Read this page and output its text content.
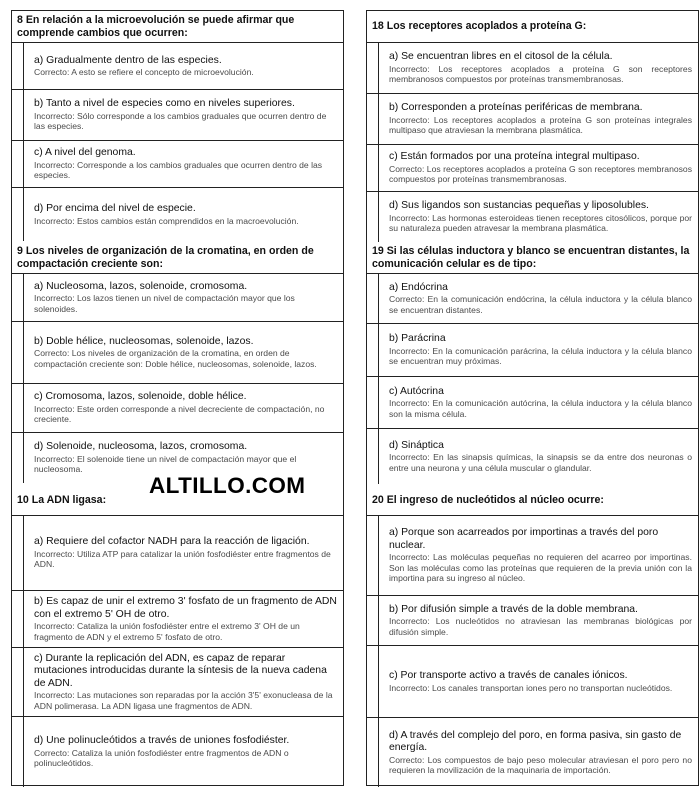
8 En relación a la microevolución se puede afirmar que comprende cambios que ocurren:
a) Gradualmente dentro de las especies.
Correcto: A esto se refiere el concepto de microevolución.
b) Tanto a nivel de especies como en niveles superiores.
Incorrecto: Sólo corresponde a los cambios graduales que ocurren dentro de las especies.
c) A nivel del genoma.
Incorrecto: Corresponde a los cambios graduales que ocurren dentro de las especies.
d) Por encima del nivel de especie.
Incorrecto: Estos cambios están comprendidos en la macroevolución.
9 Los niveles de organización de la cromatina, en orden de compactación creciente son:
a) Nucleosoma, lazos, solenoide, cromosoma.
Incorrecto: Los lazos tienen un nivel de compactación mayor que los solenoides.
b) Doble hélice, nucleosomas, solenoide, lazos.
Correcto: Los niveles de organización de la cromatina, en orden de compactación creciente son: Doble hélice, nucleosomas, solenoide, lazos.
c) Cromosoma, lazos, solenoide, doble hélice.
Incorrecto: Este orden corresponde a nivel decreciente de compactación, no creciente.
d) Solenoide, nucleosoma, lazos, cromosoma.
Incorrecto: El solenoide tiene un nivel de compactación mayor que el nucleosoma.
10 La ADN ligasa:
a) Requiere del cofactor NADH para la reacción de ligación.
Incorrecto: Utiliza ATP para catalizar la unión fosfodiéster entre fragmentos de ADN.
b) Es capaz de unir el extremo 3' fosfato de un fragmento de ADN con el extremo 5' OH de otro.
Incorrecto: Cataliza la unión fosfodiéster entre el extremo 3' OH de un fragmento de ADN y el extremo 5' fosfato de otro.
c) Durante la replicación del ADN, es capaz de reparar mutaciones introducidas durante la síntesis de la nueva cadena de ADN.
Incorrecto: Las mutaciones son reparadas por la acción 3'5' exonucleasa de la ADN polimerasa. La ADN ligasa une fragmentos de ADN.
d) Une polinucleótidos a través de uniones fosfodiéster.
Correcto: Cataliza la unión fosfodiéster entre fragmentos de ADN o polinucleótidos.
18 Los receptores acoplados a proteína G:
a) Se encuentran libres en el citosol de la célula.
Incorrecto: Los receptores acoplados a proteína G son receptores membranosos compuestos por proteínas transmembranosas.
b) Corresponden a proteínas periféricas de membrana.
Incorrecto: Los receptores acoplados a proteína G son proteínas integrales multipaso que atraviesan la membrana plasmática.
c) Están formados por una proteína integral multipaso.
Correcto: Los receptores acoplados a proteína G son receptores membranosos compuestos por proteínas transmembranosas.
d) Sus ligandos son sustancias pequeñas y liposolubles.
Incorrecto: Las hormonas esteroideas tienen receptores citosólicos, porque por su naturaleza pueden atravesar la membrana plasmática.
19 Si las células inductora y blanco se encuentran distantes, la comunicación celular es de tipo:
a) Endócrina
Correcto: En la comunicación endócrina, la célula inductora y la célula blanco se encuentran distantes.
b) Parácrina
Incorrecto: En la comunicación parácrina, la célula inductora y la célula blanco se encuentran muy próximas.
c) Autócrina
Incorrecto: En la comunicación autócrina, la célula inductora y la célula blanco son la misma célula.
d) Sináptica
Incorrecto: En las sinapsis químicas, la sinapsis se da entre dos neuronas o entre una neurona y una célula muscular o glandular.
20 El ingreso de nucleótidos al núcleo ocurre:
a) Porque son acarreados por importinas a través del poro nuclear.
Incorrecto: Las moléculas pequeñas no requieren del acarreo por importinas. Son las moléculas como las proteínas que requieren de la previa unión con la importina para su ingreso al núcleo.
b) Por difusión simple a través de la doble membrana.
Incorrecto: Los nucleótidos no atraviesan las membranas biológicas por difusión simple.
c) Por transporte activo a través de canales iónicos.
Incorrecto: Los canales transportan iones pero no transportan nucleótidos.
d) A través del complejo del poro, en forma pasiva, sin gasto de energía.
Correcto: Los compuestos de bajo peso molecular atraviesan el poro pero no requieren la movilización de la maquinaria de importación.
ALTILLO.COM
